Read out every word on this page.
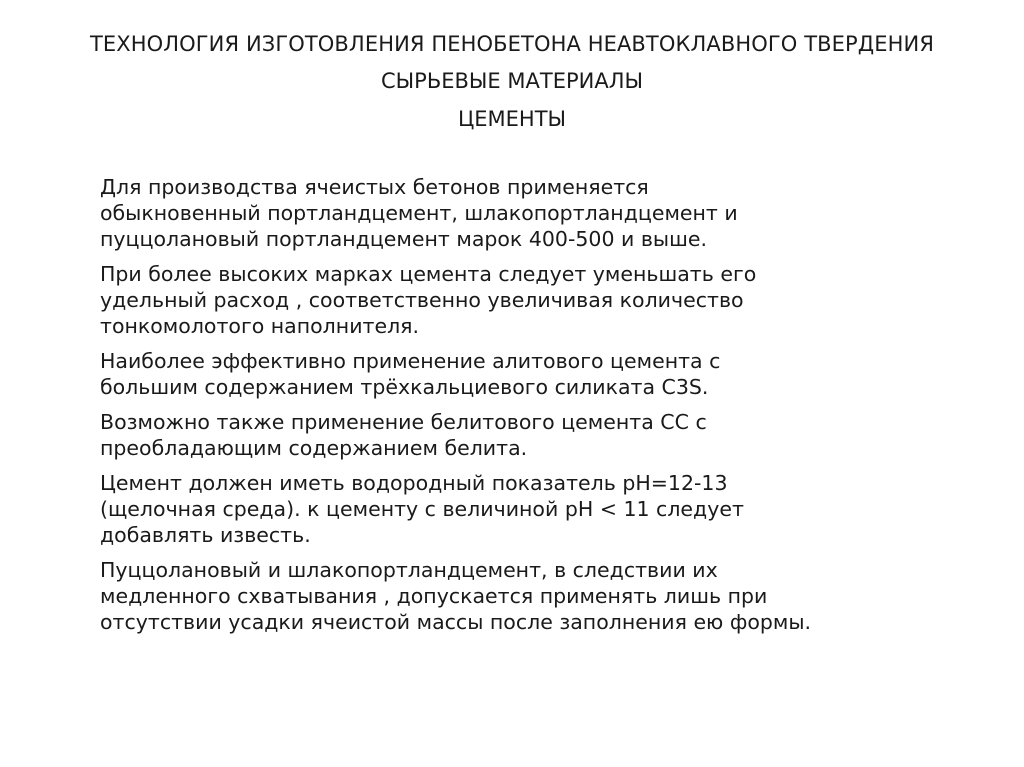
ТЕХНОЛОГИЯ ИЗГОТОВЛЕНИЯ ПЕНОБЕТОНА НЕАВТОКЛАВНОГО ТВЕРДЕНИЯ
СЫРЬЕВЫЕ МАТЕРИАЛЫ
ЦЕМЕНТЫ

Для производства ячеистых бетонов применяется
обыкновенный портландцемент, шлакопортландцемент и
пуццолановый портландцемент марок 400-500 и выше.

При более высоких марках цемента следует уменьшать его
удельный расход , соответственно увеличивая количество
тонкомолотого наполнителя.

Наиболее эффективно применение алитового цемента с
большим содержанием трёхкальциевого силиката C3S.

Возможно также применение белитового цемента СС с
преобладающим содержанием белита.

Цемент должен иметь водородный показатель pH=12-13
(щелочная среда). к цементу с величиной pH < 11 следует
добавлять известь.

Пуццолановый и шлакопортландцемент, в следствии их
медленного схватывания , допускается применять лишь при
отсутствии усадки ячеистой массы после заполнения ею формы.
